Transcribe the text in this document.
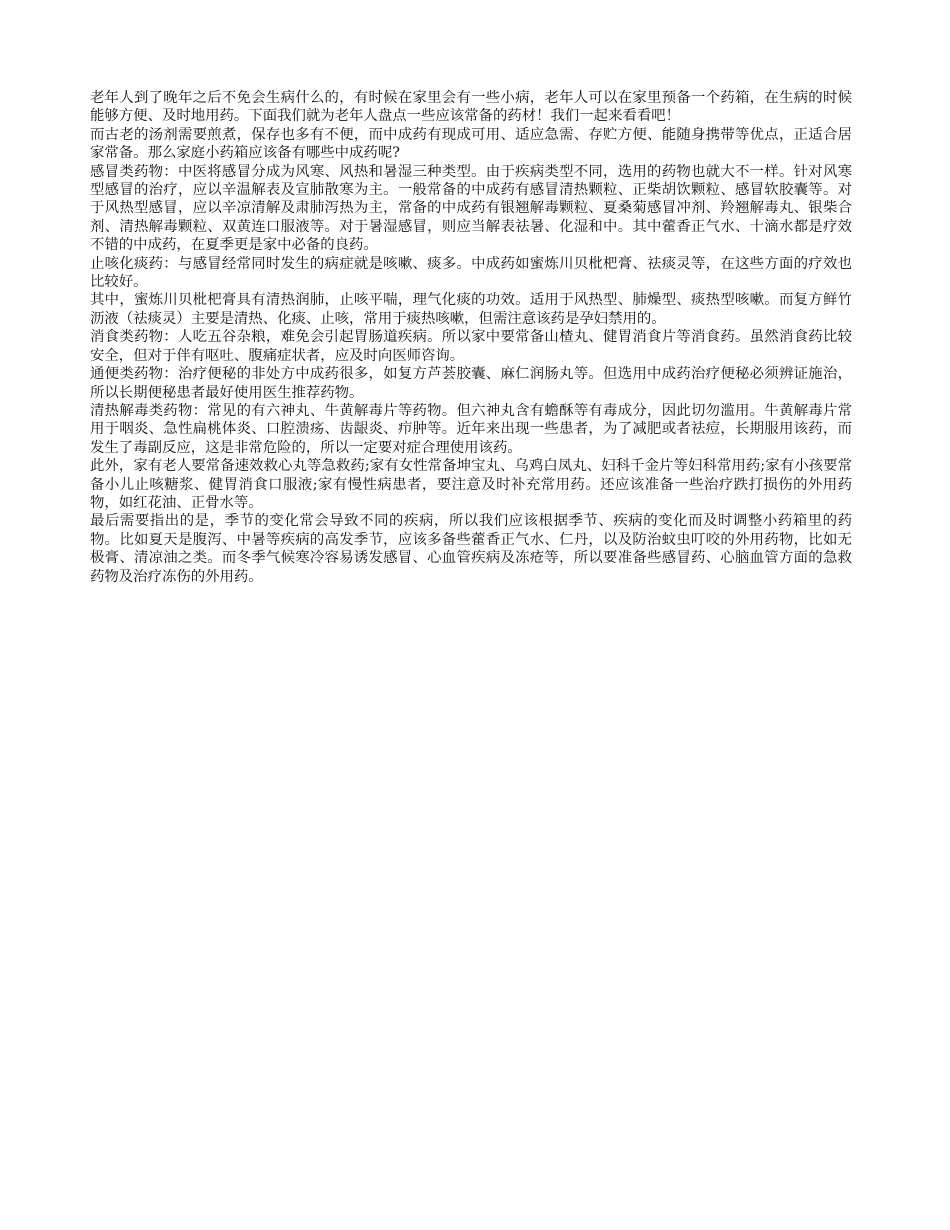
老年人到了晚年之后不免会生病什么的，有时候在家里会有一些小病，老年人可以在家里预备一个药箱，在生病的时候能够方便、及时地用药。下面我们就为老年人盘点一些应该常备的药材！我们一起来看看吧！

而古老的汤剂需要煎煮，保存也多有不便，而中成药有现成可用、适应急需、存贮方便、能随身携带等优点，正适合居家常备。那么家庭小药箱应该备有哪些中成药呢?

感冒类药物：中医将感冒分成为风寒、风热和暑湿三种类型。由于疾病类型不同，选用的药物也就大不一样。针对风寒型感冒的治疗，应以辛温解表及宣肺散寒为主。一般常备的中成药有感冒清热颗粒、正柴胡饮颗粒、感冒软胶囊等。对于风热型感冒，应以辛凉清解及肃肺泻热为主，常备的中成药有银翘解毒颗粒、夏桑菊感冒冲剂、羚翘解毒丸、银柴合剂、清热解毒颗粒、双黄连口服液等。对于暑湿感冒，则应当解表祛暑、化湿和中。其中藿香正气水、十滴水都是疗效不错的中成药，在夏季更是家中必备的良药。

止咳化痰药：与感冒经常同时发生的病症就是咳嗽、痰多。中成药如蜜炼川贝枇杷膏、祛痰灵等，在这些方面的疗效也比较好。

其中，蜜炼川贝枇杷膏具有清热润肺，止咳平喘，理气化痰的功效。适用于风热型、肺燥型、痰热型咳嗽。而复方鲜竹沥液（祛痰灵）主要是清热、化痰、止咳，常用于痰热咳嗽，但需注意该药是孕妇禁用的。

消食类药物：人吃五谷杂粮，难免会引起胃肠道疾病。所以家中要常备山楂丸、健胃消食片等消食药。虽然消食药比较安全，但对于伴有呕吐、腹痛症状者，应及时向医师咨询。

通便类药物：治疗便秘的非处方中成药很多，如复方芦荟胶囊、麻仁润肠丸等。但选用中成药治疗便秘必须辨证施治，所以长期便秘患者最好使用医生推荐药物。

清热解毒类药物：常见的有六神丸、牛黄解毒片等药物。但六神丸含有蟾酥等有毒成分，因此切勿滥用。牛黄解毒片常用于咽炎、急性扁桃体炎、口腔溃疡、齿龈炎、疖肿等。近年来出现一些患者，为了减肥或者祛痘，长期服用该药，而发生了毒副反应，这是非常危险的，所以一定要对症合理使用该药。

此外，家有老人要常备速效救心丸等急救药;家有女性常备坤宝丸、乌鸡白凤丸、妇科千金片等妇科常用药;家有小孩要常备小儿止咳糖浆、健胃消食口服液;家有慢性病患者，要注意及时补充常用药。还应该准备一些治疗跌打损伤的外用药物，如红花油、正骨水等。

最后需要指出的是，季节的变化常会导致不同的疾病，所以我们应该根据季节、疾病的变化而及时调整小药箱里的药物。比如夏天是腹泻、中暑等疾病的高发季节，应该多备些藿香正气水、仁丹，以及防治蚊虫叮咬的外用药物，比如无极膏、清凉油之类。而冬季气候寒冷容易诱发感冒、心血管疾病及冻疮等，所以要准备些感冒药、心脑血管方面的急救药物及治疗冻伤的外用药。
